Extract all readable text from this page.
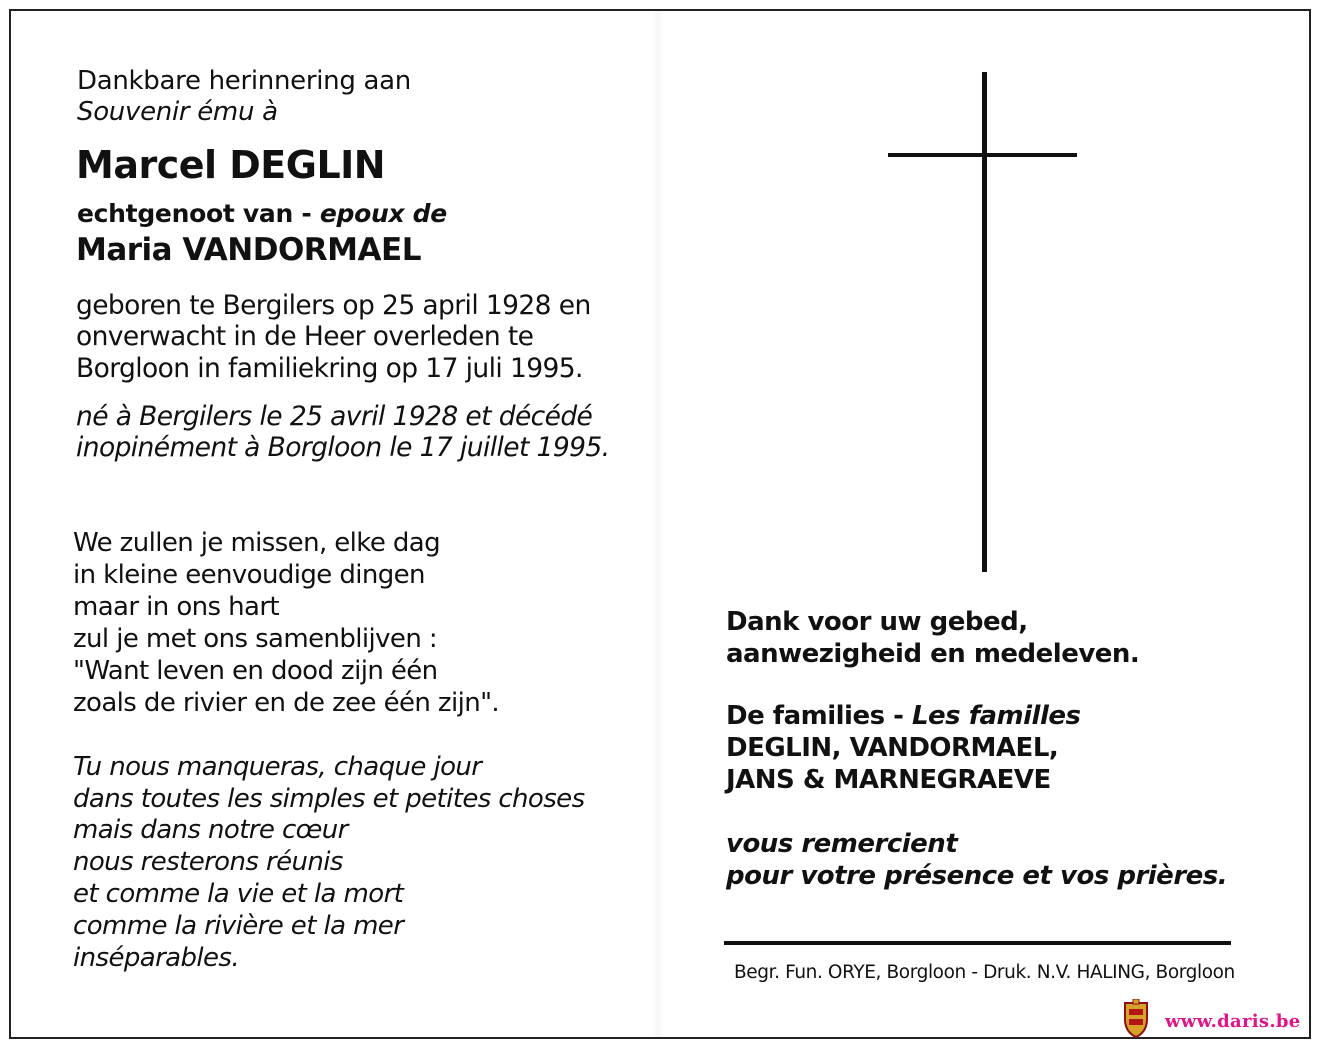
Dankbare herinnering aan

Souvenir ému à

Marcel DEGLIN

echtgenoot van - epoux de

Maria VANDORMAEL

geboren te Bergilers op 25 april 1928 en

onverwacht in de Heer overleden te

Borgloon in familiekring op 17 juli 1995.

né à Bergilers le 25 avril 1928 et décédé

inopinément à Borgloon le 17 juillet 1995.

We zullen je missen, elke dag

in kleine eenvoudige dingen

maar in ons hart

zul je met ons samenblijven :

"Want leven en dood zijn één

zoals de rivier en de zee één zijn".

Tu nous manqueras, chaque jour

dans toutes les simples et petites choses

mais dans notre cœur

nous resterons réunis

et comme la vie et la mort

comme la rivière et la mer

inséparables.

Dank voor uw gebed,

aanwezigheid en medeleven.

De families - Les familles

DEGLIN, VANDORMAEL,

JANS & MARNEGRAEVE

vous remercient

pour votre présence et vos prières.

Begr. Fun. ORYE, Borgloon - Druk. N.V. HALING, Borgloon

www.daris.be
